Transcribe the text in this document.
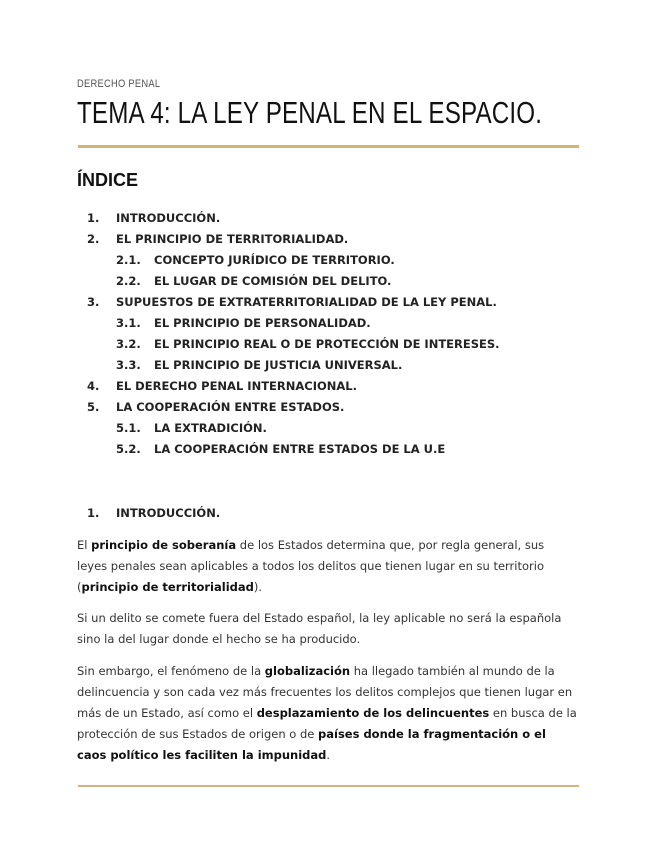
DERECHO PENAL
TEMA 4: LA LEY PENAL EN EL ESPACIO.
ÍNDICE
1. INTRODUCCIÓN.
2. EL PRINCIPIO DE TERRITORIALIDAD.
2.1. CONCEPTO JURÍDICO DE TERRITORIO.
2.2. EL LUGAR DE COMISIÓN DEL DELITO.
3. SUPUESTOS DE EXTRATERRITORIALIDAD DE LA LEY PENAL.
3.1. EL PRINCIPIO DE PERSONALIDAD.
3.2. EL PRINCIPIO REAL O DE PROTECCIÓN DE INTERESES.
3.3. EL PRINCIPIO DE JUSTICIA UNIVERSAL.
4. EL DERECHO PENAL INTERNACIONAL.
5. LA COOPERACIÓN ENTRE ESTADOS.
5.1. LA EXTRADICIÓN.
5.2. LA COOPERACIÓN ENTRE ESTADOS DE LA U.E
1. INTRODUCCIÓN.
El principio de soberanía de los Estados determina que, por regla general, sus leyes penales sean aplicables a todos los delitos que tienen lugar en su territorio (principio de territorialidad).
Si un delito se comete fuera del Estado español, la ley aplicable no será la española sino la del lugar donde el hecho se ha producido.
Sin embargo, el fenómeno de la globalización ha llegado también al mundo de la delincuencia y son cada vez más frecuentes los delitos complejos que tienen lugar en más de un Estado, así como el desplazamiento de los delincuentes en busca de la protección de sus Estados de origen o de países donde la fragmentación o el caos político les faciliten la impunidad.
